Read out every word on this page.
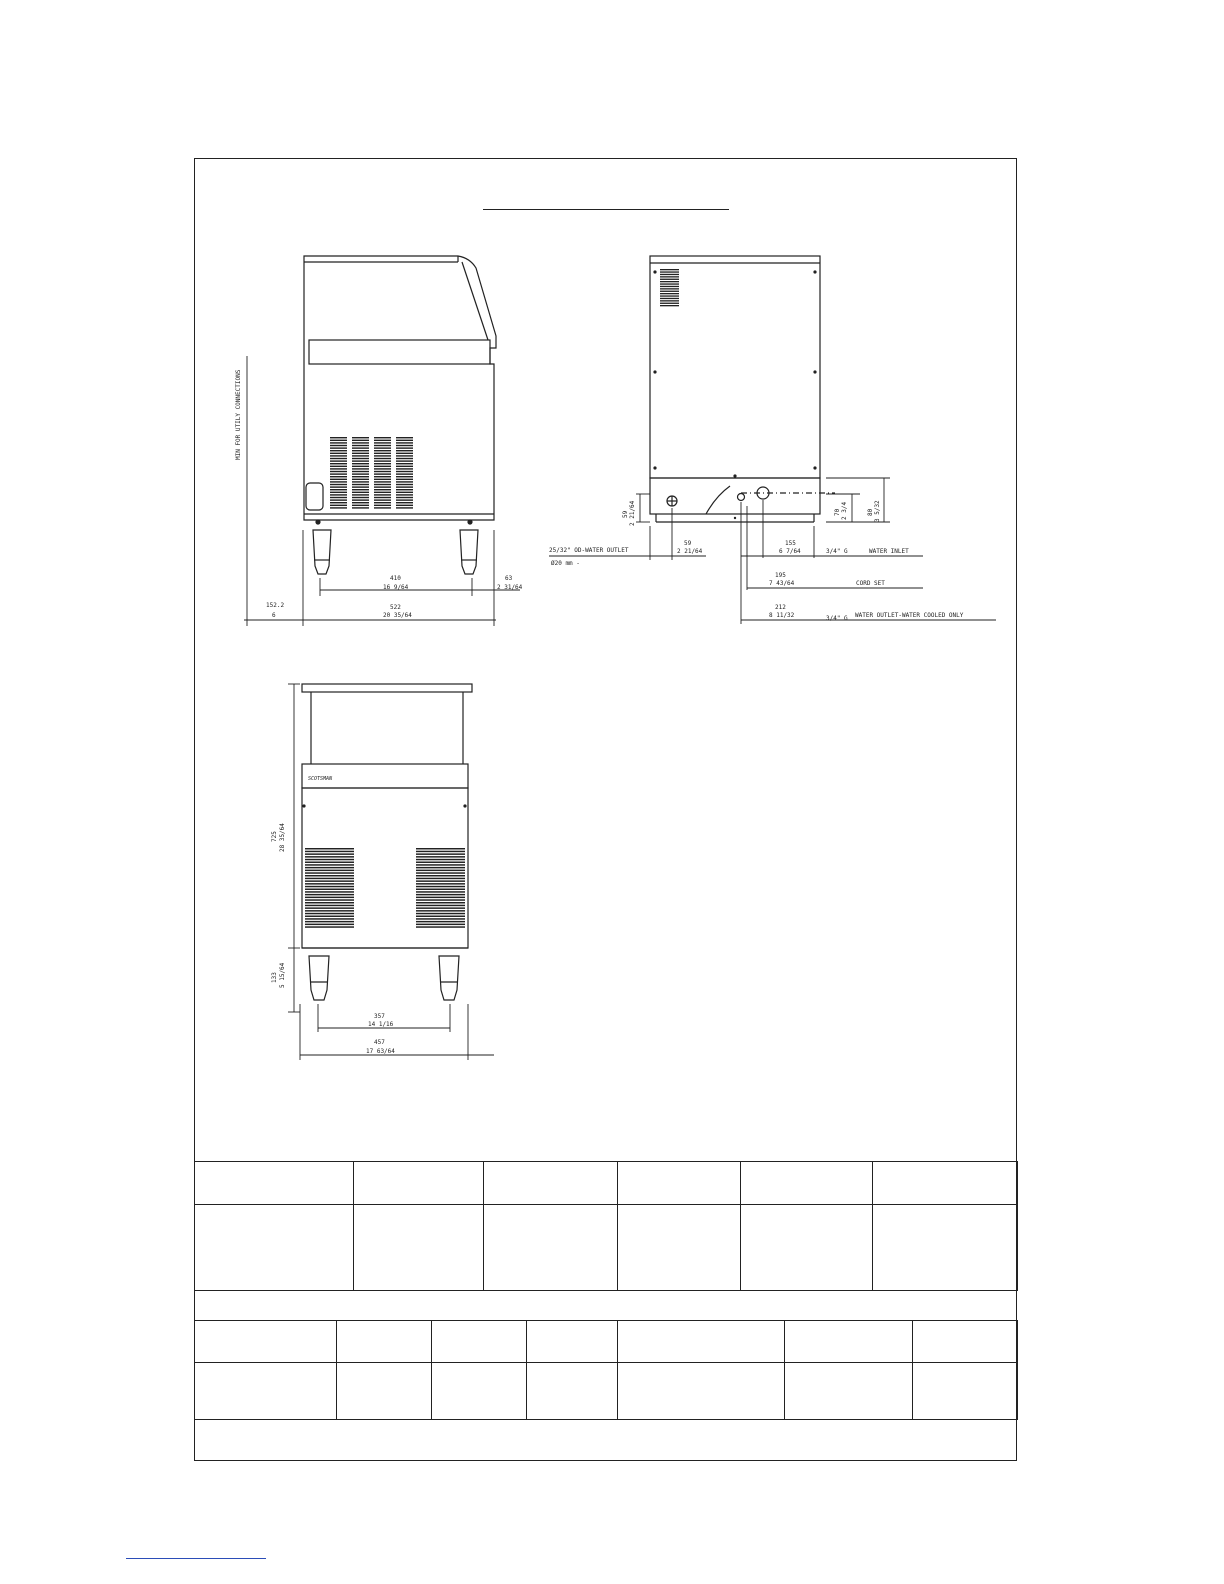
MIN FOR UTILY CONNECTIONS
410
16 9/64
63
2 31/64
522
20 35/64
152.2
6
59 2 21/64
59
2 21/64
70 2 3/4	80 3 5/32
155
6 7/64
195
7 43/64
212
8 11/32
25/32" OD-WATER OUTLET
Ø20 mm -
3/4" G	WATER INLET
CORD SET
3/4" G WATER OUTLET-WATER COOLED ONLY
SCOTSMAN
725 28 35/64
133 5 15/64
357
14 1/16
457
17 63/64
